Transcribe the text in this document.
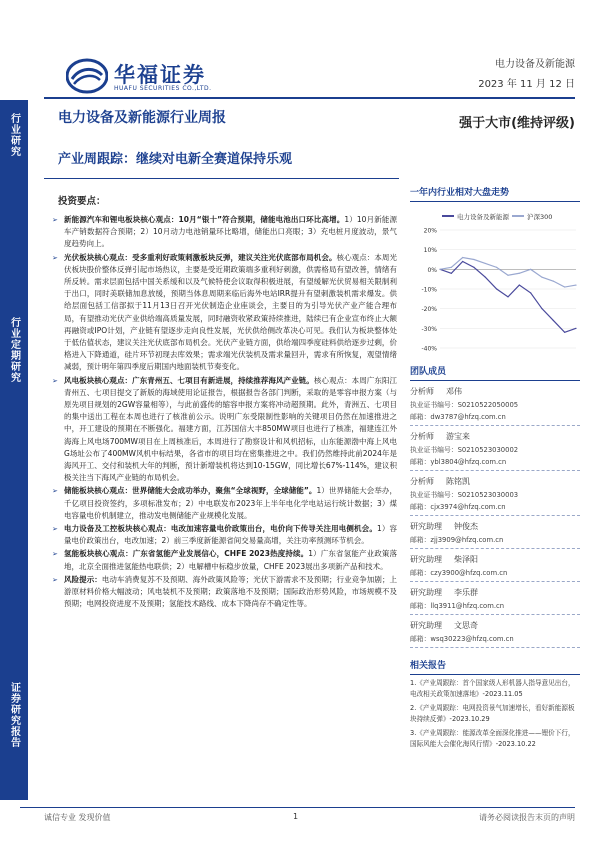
行业研究
行业定期研究
证券研究报告
华福证券
HUAFU SECURITIES CO.,LTD.
电力设备及新能源
2023 年 11 月 12 日
电力设备及新能源行业周报	强于大市(维持评级)
产业周跟踪：继续对电新全赛道保持乐观
投资要点：
➢ 新能源汽车和锂电板块核心观点：10月“银十”符合预期，储能电池出口环比高增。1）10月新能源车产销数据符合预期；2）10月动力电池销量环比略增，储能出口亮眼；3）充电桩月度波动，景气度趋势向上。
➢ 光伏板块核心观点：受多重利好政策刺激板块反弹，建议关注光伏底部布局机会。核心观点：本周光伏板块股价整体反弹引起市场热议，主要是受近期政策端多重利好刺激，供需格局有望改善，情绪有所反转。需求层面包括中国关系缓和以及气候特使会议取得积极进展，有望缓解光伏贸易相关限制利于出口，同时美联储加息放缓，预期当体息周期来临后海外电站IRR提升有望刺激装机需求爆发。供给层面包括工信部拟于11月13日召开光伏制造企业座谈会，主要目的为引导光伏产业产能合理布局，有望推动光伏产业供给端高质量发展，同时融资收紧政策持续推进，陆续已有企业宣布终止大额再融资或IPO计划，产业链有望逐步走向良性发展，光伏供给侧改革决心可见。我们认为板块整体处于低估值状态，建议关注光伏底部布局机会。光伏产业链方面，供给端四季度硅料供给逐步过剩，价格进入下降通道，硅片环节初现去库效果；需求端光伏装机及需求量回升，需求有所恢复，观望情绪减弱，预计明年第四季度后期国内地面装机节奏变化。
➢ 风电板块核心观点：广东青州五、七项目有新进展，持续推荐海风产业链。核心观点：本周广东阳江青州五、七项目提交了新版的海域使用论证报告，根据报告各部门判断，采取的是零容申报方案（与原先项目规划的2GW容量相等），与此前盛传的缩容申报方案将冲动超预期。此外，青洲五、七项目的集中送出工程在本周也进行了核准前公示。说明广东受限制性影响的关键项目仍然在加速推进之中，开工建设的预期在不断强化。福建方面，江苏国信大丰850MW项目也进行了核准，福建连江外海海上风电场700MW项目在上周核准后，本周进行了勘察设计和风机招标，山东能源渤中海上风电G场址公布了400MW风机中标结果，各省市的项目均在密集推进之中。我们仍然维持此前2024年是海风开工、交付和装机大年的判断，预计新增装机将达到10-15GW，同比增长67%-114%，建议积极关注当下海风产业链的布局机会。
➢ 储能板块核心观点：世界储能大会成功举办，聚焦“全球视野，全球储能”。1）世界储能大会举办，千亿项目投资签约，多项标准发布；2）中电联发布2023年上半年电化学电站运行统计数据；3）煤电容量电价机制建立，推动发电侧储能产业规模化发展。
➢ 电力设备及工控板块核心观点：电改加速容量电价政策出台，电价向下传导关注用电侧机会。1）容量电价政策出台，电改加速；2）前三季度新能源省间交易量高增，关注功率预测环节机会。
➢ 氢能板块核心观点：广东省氢能产业发展信心，CHFE 2023热度持续。1）广东省氢能产业政策落地，北京全面推进氢能热电联供；2）电解槽中标稳步放量，CHFE 2023展出多项新产品和技术。
➢ 风险提示：电动车消费复苏不及预期、海外政策风险等；光伏下游需求不及预期；行业竞争加剧；上游原材料价格大幅波动；风电装机不及预期；政策落地不及预期；国际政治形势风险，市场规模不及预期；电网投资进度不及预期；氢能技术路线、成本下降尚存不确定性等。
一年内行业相对大盘走势
电力设备及新能源	沪深300
20%
10%
0%
-10%
-20%
-30%
-40%
团队成员
分析师 邓伟
执业证书编号：S0210522050005
邮箱：dw3787@hfzq.com.cn
分析师 游宝来
执业证书编号：S0210523030002
邮箱：ybl3804@hfzq.com.cn
分析师 陈铭凯
执业证书编号：S0210523030003
邮箱：cjx3974@hfzq.com.cn
研究助理 钟俊杰
邮箱：zjj3909@hfzq.com.cn
研究助理 柴泽阳
邮箱：czy3900@hfzq.com.cn
研究助理 李乐群
邮箱：llq3911@hfzq.com.cn
研究助理 文思奇
邮箱：wsq30223@hfzq.com.cn
相关报告
1.《产业周跟踪：首个国家级人形机器人指导意见出台，电改相关政策加速落地》-2023.11.05
2.《产业周跟踪：电网投资景气加速增长，看好新能源板块持续反弹》-2023.10.29
3.《产业周跟踪：能源改革全面深化推进——锂价下行，国际风能大会催化海风行情》-2023.10.22
诚信专业 发现价值	1	请务必阅读报告末页的声明
